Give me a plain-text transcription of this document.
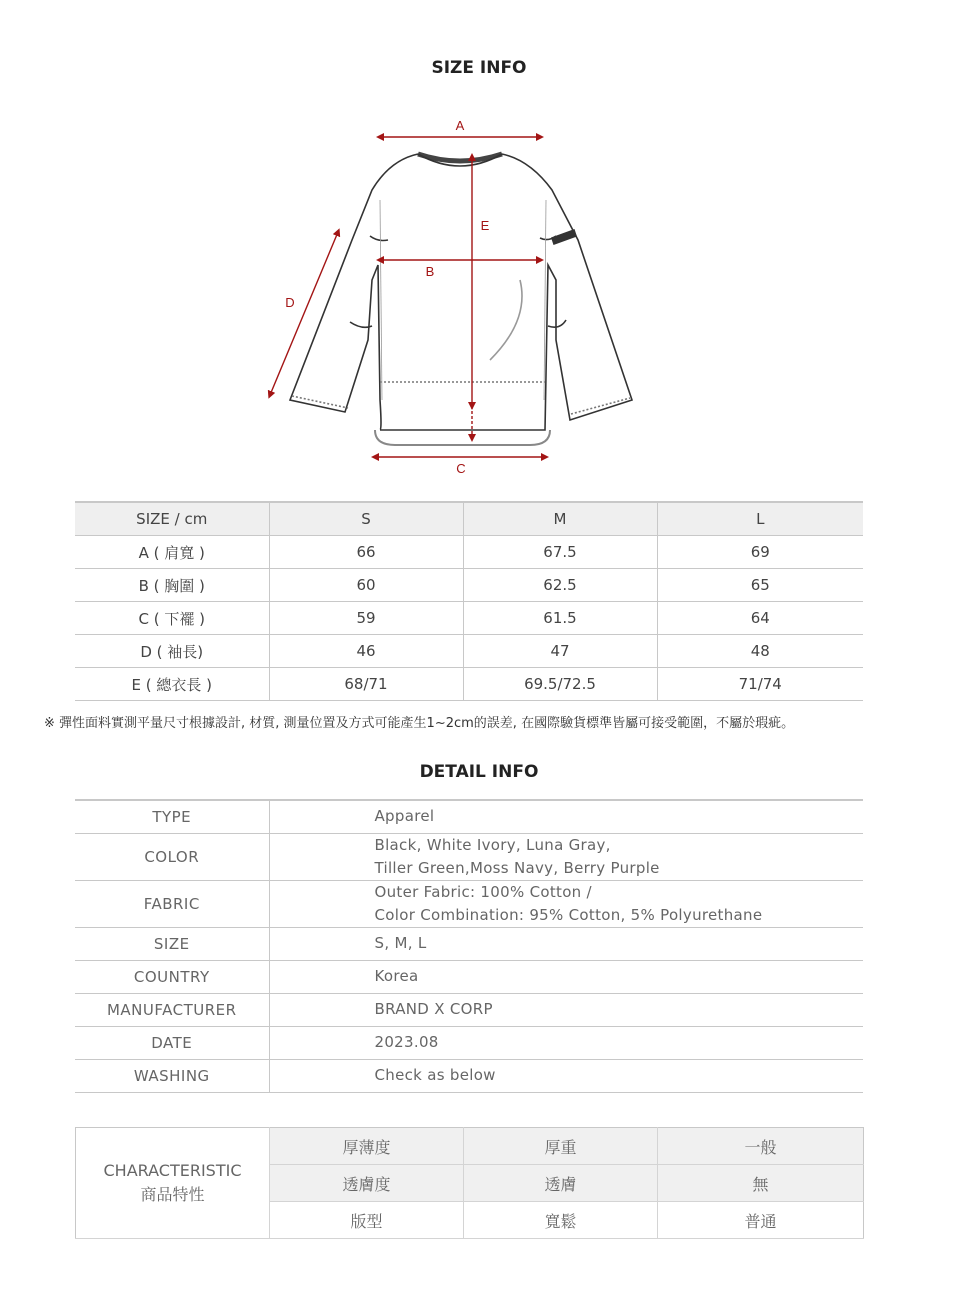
SIZE INFO
A
B
C
D
E
SIZE / cm	S	M	L
A ( 肩寬 )	66	67.5	69
B ( 胸圍 )	60	62.5	65
C ( 下襬 )	59	61.5	64
D ( 袖長)	46	47	48
E ( 總衣長 )	68/71	69.5/72.5	71/74
※ 彈性面料實測平量尺寸根據設計, 材質, 測量位置及方式可能產生1~2cm的誤差, 在國際驗貨標準皆屬可接受範圍，不屬於瑕疵。
DETAIL INFO
TYPE	Apparel

COLOR	Black, White Ivory, Luna Gray,
Tiller Green,Moss Navy, Berry Purple

FABRIC	Outer Fabric: 100% Cotton /
Color Combination: 95% Cotton, 5% Polyurethane

SIZE	S, M, L

COUNTRY	Korea

MANUFACTURER	BRAND X CORP

DATE	2023.08

WASHING	Check as below
CHARACTERISTIC
商品特性	厚薄度	厚重	一般
	透膚度	透膚	無
	版型	寬鬆	普通
